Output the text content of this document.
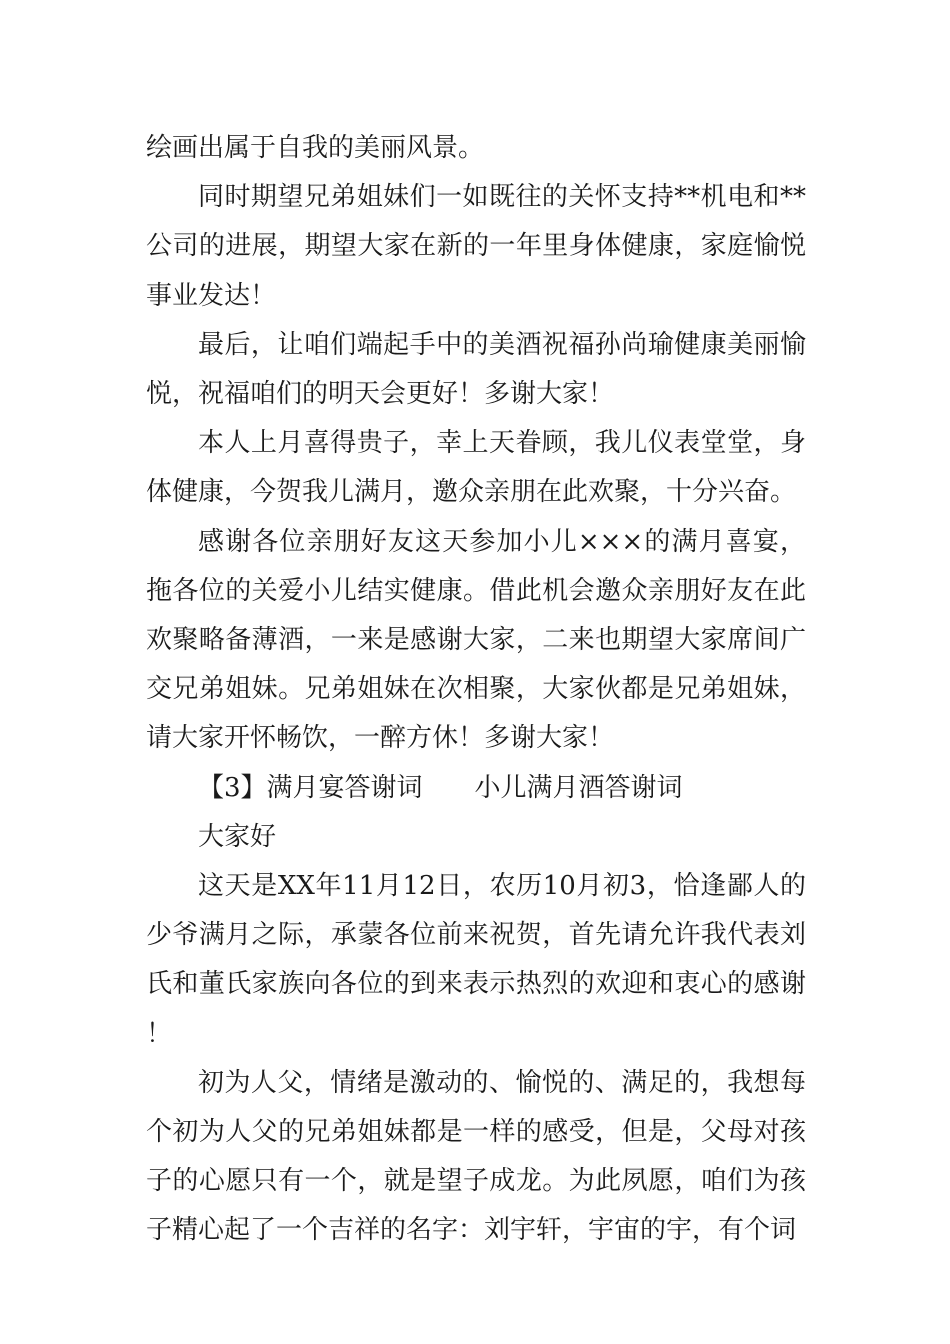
绘画出属于自我的美丽风景。

同时期望兄弟姐妹们一如既往的关怀支持**机电和**公司的进展，期望大家在新的一年里身体健康，家庭愉悦事业发达！

最后，让咱们端起手中的美酒祝福孙尚瑜健康美丽愉悦，祝福咱们的明天会更好！多谢大家！

本人上月喜得贵子，幸上天眷顾，我儿仪表堂堂，身体健康，今贺我儿满月，邀众亲朋在此欢聚，十分兴奋。

感谢各位亲朋好友这天参加小儿×××的满月喜宴，拖各位的关爱小儿结实健康。借此机会邀众亲朋好友在此欢聚略备薄酒，一来是感谢大家，二来也期望大家席间广交兄弟姐妹。兄弟姐妹在次相聚，大家伙都是兄弟姐妹，请大家开怀畅饮，一醉方休！多谢大家！

【3】满月宴答谢词 小儿满月酒答谢词

大家好

这天是XX年11月12日，农历10月初3，恰逢鄙人的少爷满月之际，承蒙各位前来祝贺，首先请允许我代表刘氏和董氏家族向各位的到来表示热烈的欢迎和衷心的感谢！

初为人父，情绪是激动的、愉悦的、满足的，我想每个初为人父的兄弟姐妹都是一样的感受，但是，父母对孩子的心愿只有一个，就是望子成龙。为此夙愿，咱们为孩子精心起了一个吉祥的名字：刘宇轩，宇宙的宇，有个词
